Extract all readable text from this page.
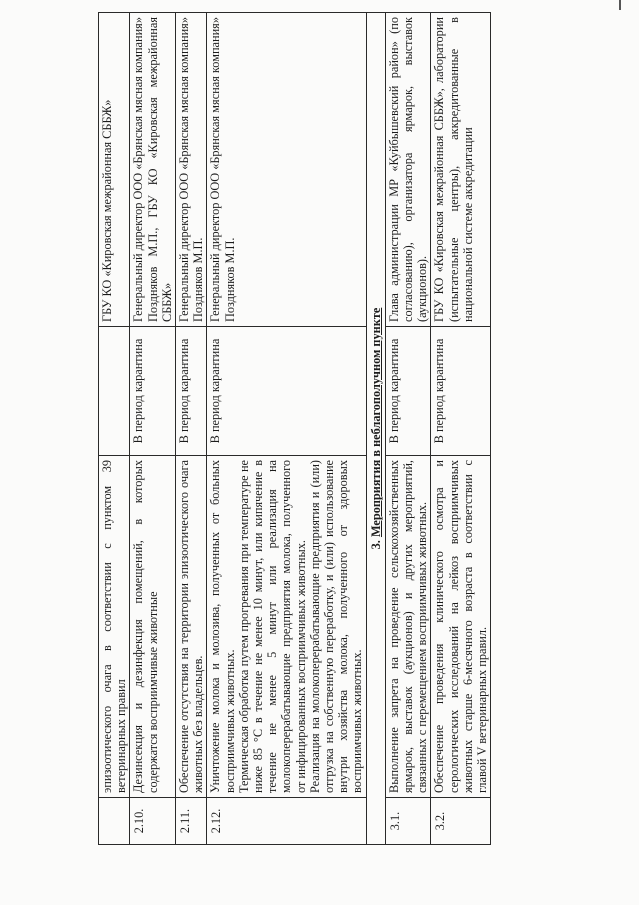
	эпизоотического очага в соответствии с пунктом 39 ветеринарных правил		ГБУ КО «Кировская межрайонная СББЖ»
2.10.	Дезинсекция и дезинфекция помещений, в которых содержатся восприимчивые животные	В период карантина	Генеральный директор ООО «Брянская мясная компания» Поздняков М.П., ГБУ КО «Кировская межрайонная СББЖ»
2.11.	Обеспечение отсутствия на территории эпизоотического очага животных без владельцев.	В период карантина	Генеральный директор ООО «Брянская мясная компания» Поздняков М.П.
2.12.	Уничтожение молока и молозива, полученных от больных восприимчивых животных. Термическая обработка путем прогревания при температуре не ниже 85 °С в течение не менее 10 минут, или кипячение в течение не менее 5 минут или реализация на молокоперерабатывающие предприятия молока, полученного от инфицированных восприимчивых животных. Реализация на молокоперерабатывающие предприятия и (или) отгрузка на собственную переработку, и (или) использование внутри хозяйства молока, полученного от здоровых восприимчивых животных.	В период карантина	Генеральный директор ООО «Брянская мясная компания» Поздняков М.П.
3. Мероприятия в неблагополучном пункте			
3.1.	Выполнение запрета на проведение сельскохозяйственных ярмарок, выставок (аукционов) и других мероприятий, связанных с перемещением восприимчивых животных.	В период карантина	Глава администрации МР «Куйбышевский район» (по согласованию), организатора ярмарок, выставок (аукционов).
3.2.	Обеспечение проведения клинического осмотра и серологических исследований на лейкоз восприимчивых животных старше 6-месячного возраста в соответствии с главой V ветеринарных правил.	В период карантина	ГБУ КО «Кировская межрайонная СББЖ», лаборатории (испытательные центры), аккредитованные в национальной системе аккредитации
